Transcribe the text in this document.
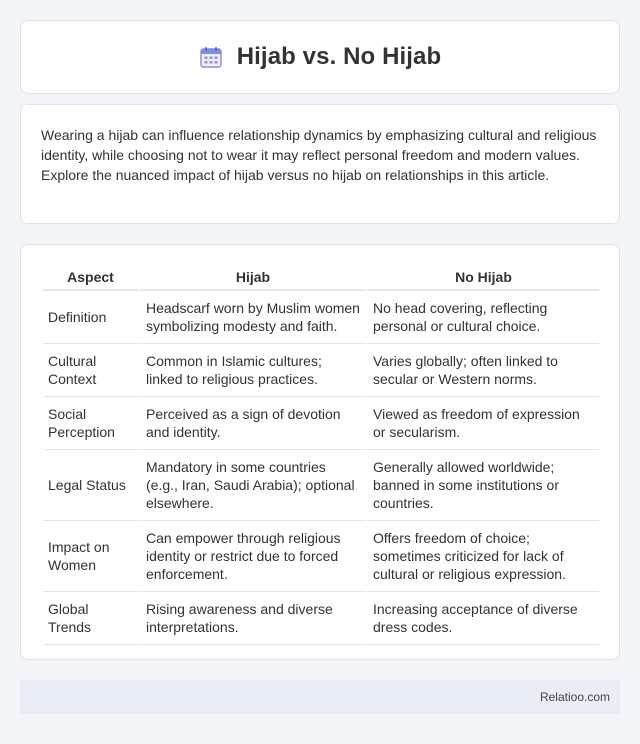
Hijab vs. No Hijab

Wearing a hijab can influence relationship dynamics by emphasizing cultural and religious identity, while choosing not to wear it may reflect personal freedom and modern values. Explore the nuanced impact of hijab versus no hijab on relationships in this article.

Aspect	Hijab	No Hijab
Definition	Headscarf worn by Muslim women symbolizing modesty and faith.	No head covering, reflecting personal or cultural choice.
Cultural Context	Common in Islamic cultures; linked to religious practices.	Varies globally; often linked to secular or Western norms.
Social Perception	Perceived as a sign of devotion and identity.	Viewed as freedom of expression or secularism.
Legal Status	Mandatory in some countries (e.g., Iran, Saudi Arabia); optional elsewhere.	Generally allowed worldwide; banned in some institutions or countries.
Impact on Women	Can empower through religious identity or restrict due to forced enforcement.	Offers freedom of choice; sometimes criticized for lack of cultural or religious expression.
Global Trends	Rising awareness and diverse interpretations.	Increasing acceptance of diverse dress codes.
Relatioo.com
